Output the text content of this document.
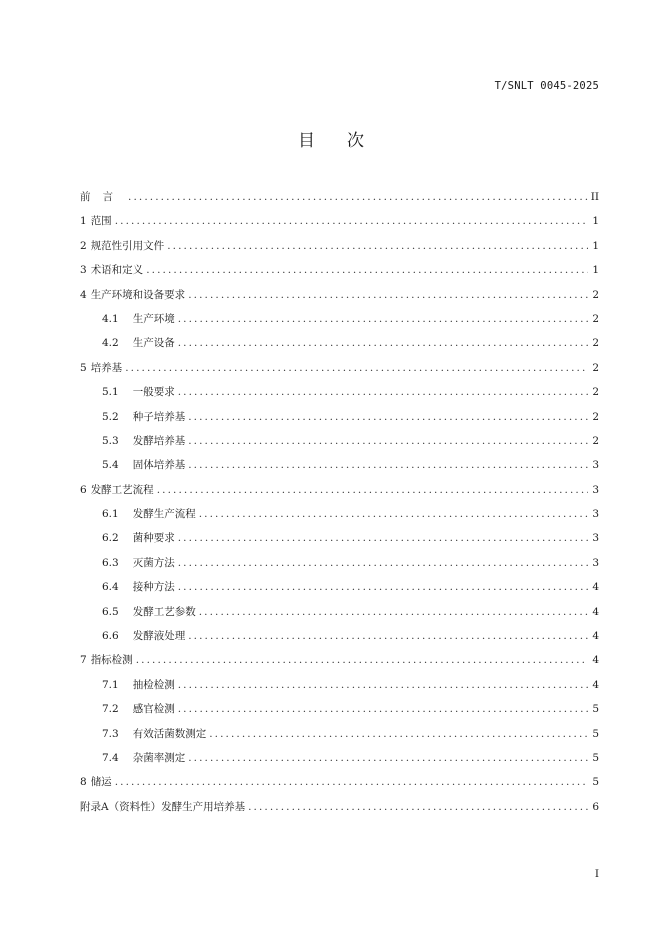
T/SNLT 0045-2025
目次
前言 .....	II
1 范围 .....	1
2 规范性引用文件 .....	1
3 术语和定义 .....	1
4 生产环境和设备要求 .....	2
4.1 生产环境 .....	2
4.2 生产设备 .....	2
5 培养基 .....	2
5.1 一般要求 .....	2
5.2 种子培养基 .....	2
5.3 发酵培养基 .....	2
5.4 固体培养基 .....	3
6 发酵工艺流程 .....	3
6.1 发酵生产流程 .....	3
6.2 菌种要求 .....	3
6.3 灭菌方法 .....	3
6.4 接种方法 .....	4
6.5 发酵工艺参数 .....	4
6.6 发酵液处理 .....	4
7 指标检测 .....	4
7.1 抽检检测 .....	4
7.2 感官检测 .....	5
7.3 有效活菌数测定 .....	5
7.4 杂菌率测定 .....	5
8 储运 .....	5
附录A（资料性）发酵生产用培养基 .....	6
I
